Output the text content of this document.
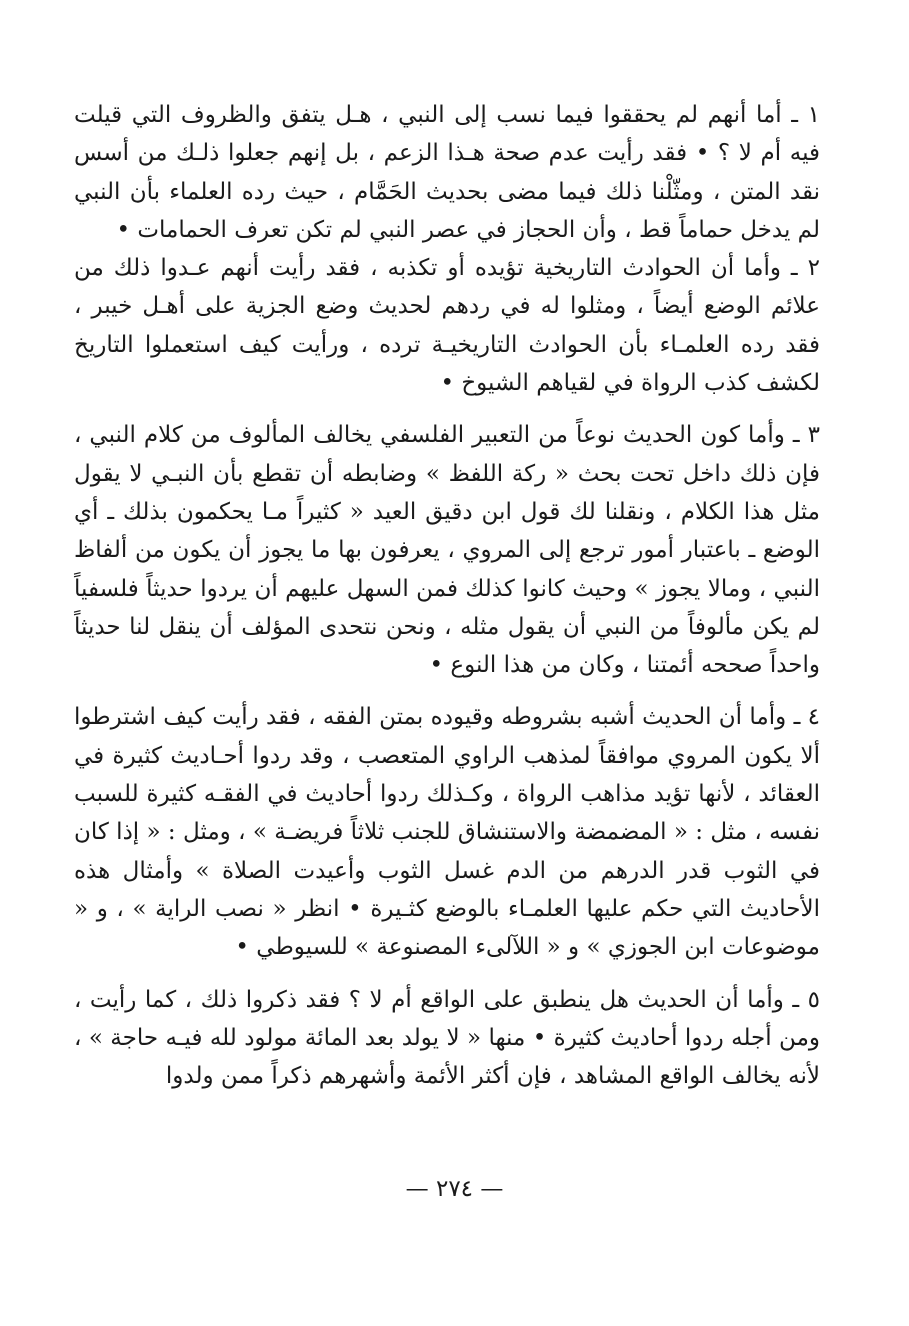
١ ـ أما أنهم لم يحققوا فيما نسب إلى النبي ، هـل يتفق والظروف التي قيلت فيه أم لا ؟ • فقد رأيت عدم صحة هـذا الزعم ، بل إنهم جعلوا ذلـك من أسس نقد المتن ، ومثّلْنا ذلك فيما مضى بحديث الحَمَّام ، حيث رده العلماء بأن النبي لم يدخل حماماً قط ، وأن الحجاز في عصر النبي لم تكن تعرف الحمامات •

٢ ـ وأما أن الحوادث التاريخية تؤيده أو تكذبه ، فقد رأيت أنهم عـدوا ذلك من علائم الوضع أيضاً ، ومثلوا له في ردهم لحديث وضع الجزية على أهـل خيبر ، فقد رده العلمـاء بأن الحوادث التاريخيـة ترده ، ورأيت كيف استعملوا التاريخ لكشف كذب الرواة في لقياهم الشيوخ •

٣ ـ وأما كون الحديث نوعاً من التعبير الفلسفي يخالف المألوف من كلام النبي ، فإن ذلك داخل تحت بحث « ركة اللفظ » وضابطه أن تقطع بأن النبـي لا يقول مثل هذا الكلام ، ونقلنا لك قول ابن دقيق العيد « كثيراً مـا يحكمون بذلك ـ أي الوضع ـ باعتبار أمور ترجع إلى المروي ، يعرفون بها ما يجوز أن يكون من ألفاظ النبي ، ومالا يجوز » وحيث كانوا كذلك فمن السهل عليهم أن يردوا حديثاً فلسفياً لم يكن مألوفاً من النبي أن يقول مثله ، ونحن نتحدى المؤلف أن ينقل لنا حديثاً واحداً صححه أئمتنا ، وكان من هذا النوع •

٤ ـ وأما أن الحديث أشبه بشروطه وقيوده بمتن الفقه ، فقد رأيت كيف اشترطوا ألا يكون المروي موافقاً لمذهب الراوي المتعصب ، وقد ردوا أحـاديث كثيرة في العقائد ، لأنها تؤيد مذاهب الرواة ، وكـذلك ردوا أحاديث في الفقـه كثيرة للسبب نفسه ، مثل : « المضمضة والاستنشاق للجنب ثلاثاً فريضـة » ، ومثل : « إذا كان في الثوب قدر الدرهم من الدم غسل الثوب وأعيدت الصلاة » وأمثال هذه الأحاديث التي حكم عليها العلمـاء بالوضع كثـيرة • انظر « نصب الراية » ، و « موضوعات ابن الجوزي » و « اللآلىء المصنوعة » للسيوطي •

٥ ـ وأما أن الحديث هل ينطبق على الواقع أم لا ؟ فقد ذكروا ذلك ، كما رأيت ، ومن أجله ردوا أحاديث كثيرة • منها « لا يولد بعد المائة مولود لله فيـه حاجة » ، لأنه يخالف الواقع المشاهد ، فإن أكثر الأئمة وأشهرهم ذكراً ممن ولدوا

— ٢٧٤ —
